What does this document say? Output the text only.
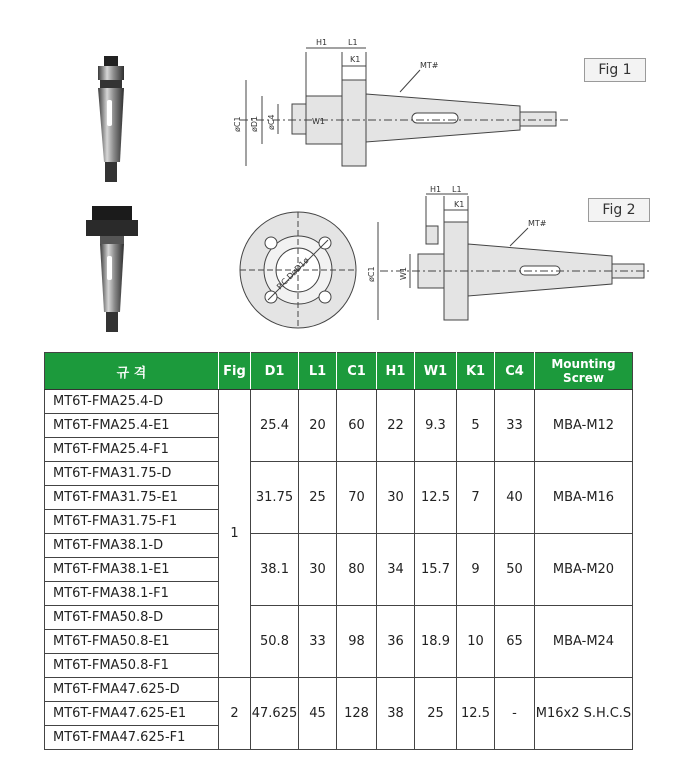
H1	L1
K1
MT#
W1
øC1 øD1 øC4
P.C.DøD1ø
H1 L1
K1
MT#
øC1	W1
Fig 1
Fig 2
규 격	Fig	D1	L1	C1	H1	W1	K1	C4	Mounting Screw
MT6T-FMA25.4-D	1	25.4	20	60	22	9.3	5	33	MBA-M12
MT6T-FMA25.4-E1									
MT6T-FMA25.4-F1									
MT6T-FMA31.75-D		31.75	25	70	30	12.5	7	40	MBA-M16
MT6T-FMA31.75-E1									
MT6T-FMA31.75-F1									
MT6T-FMA38.1-D		38.1	30	80	34	15.7	9	50	MBA-M20
MT6T-FMA38.1-E1									
MT6T-FMA38.1-F1									
MT6T-FMA50.8-D		50.8	33	98	36	18.9	10	65	MBA-M24
MT6T-FMA50.8-E1									
MT6T-FMA50.8-F1									
MT6T-FMA47.625-D	2	47.625	45	128	38	25	12.5	-	M16x2 S.H.C.S
MT6T-FMA47.625-E1									
MT6T-FMA47.625-F1									
